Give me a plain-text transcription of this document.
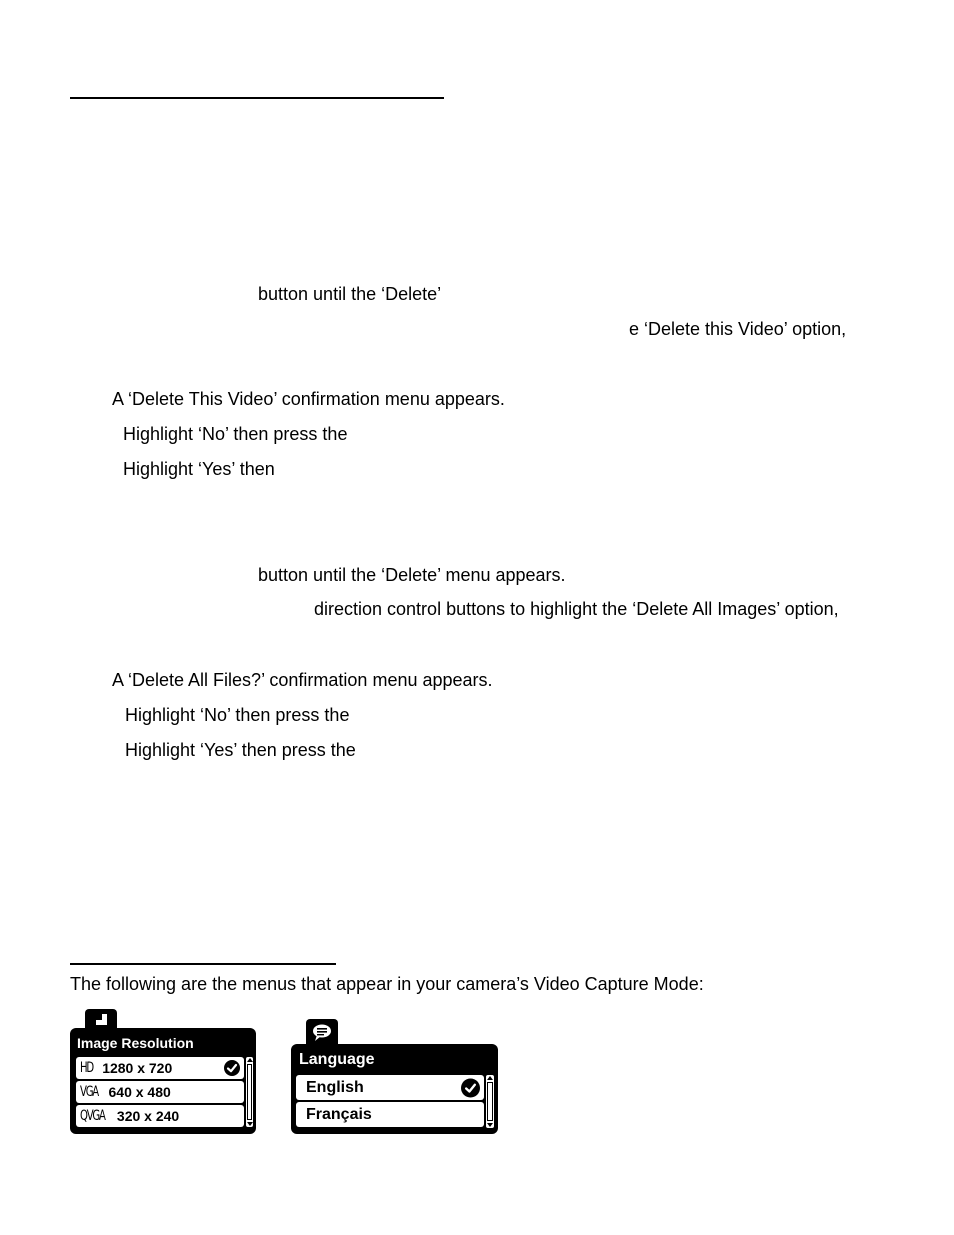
button until the ‘Delete’
e ‘Delete this Video’ option,
A ‘Delete This Video’ confirmation menu appears.
Highlight ‘No’ then press the
Highlight ‘Yes’ then
button until the ‘Delete’ menu appears.
direction control buttons to highlight the ‘Delete All Images’ option,
A ‘Delete All Files?’ confirmation menu appears.
Highlight ‘No’ then press the
Highlight ‘Yes’ then press the
The following are the menus that appear in your camera’s Video Capture Mode:
Image Resolution
HD 1280 x 720
VGA 640 x 480
QVGA 320 x 240
Language
English
Français
